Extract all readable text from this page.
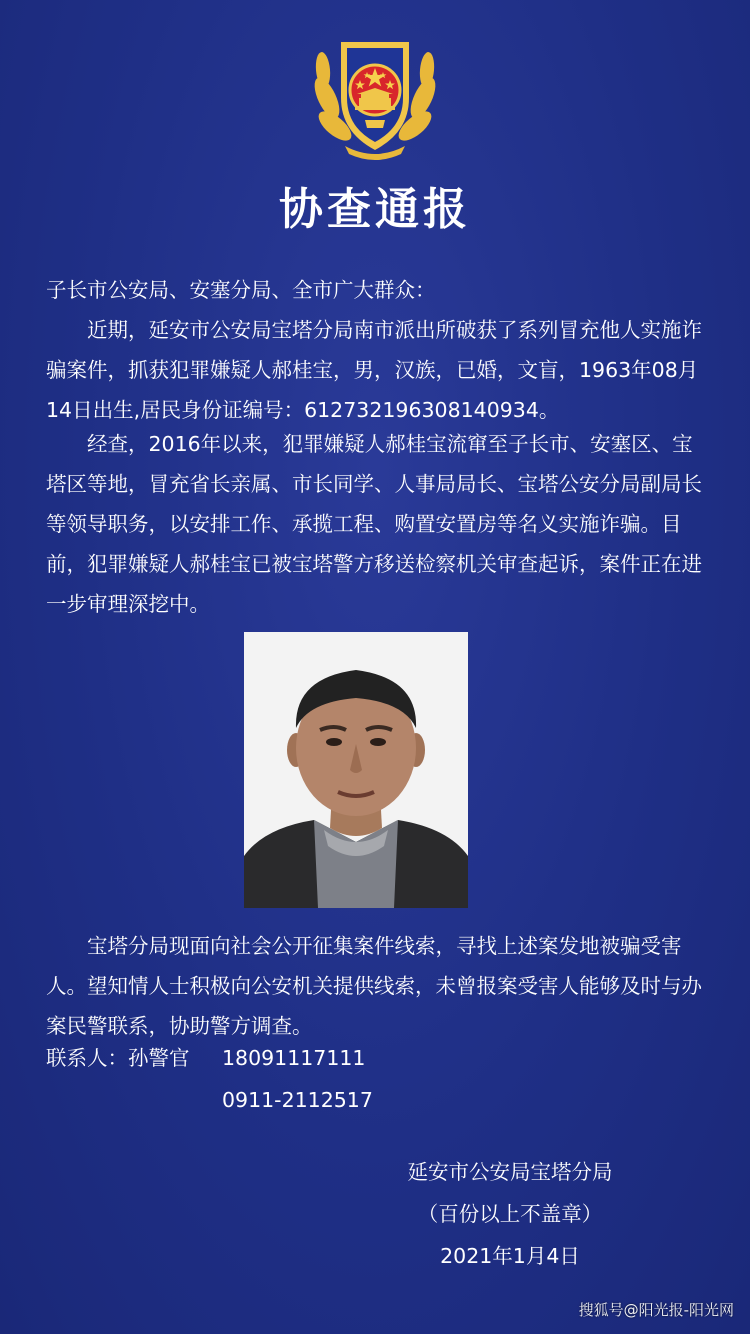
协查通报
子长市公安局、安塞分局、全市广大群众：
近期，延安市公安局宝塔分局南市派出所破获了系列冒充他人实施诈骗案件，抓获犯罪嫌疑人郝桂宝，男，汉族，已婚，文盲，1963年08月14日出生,居民身份证编号：612732196308140934。
经查，2016年以来，犯罪嫌疑人郝桂宝流窜至子长市、安塞区、宝塔区等地，冒充省长亲属、市长同学、人事局局长、宝塔公安分局副局长等领导职务，以安排工作、承揽工程、购置安置房等名义实施诈骗。目前，犯罪嫌疑人郝桂宝已被宝塔警方移送检察机关审查起诉，案件正在进一步审理深挖中。
宝塔分局现面向社会公开征集案件线索，寻找上述案发地被骗受害人。望知情人士积极向公安机关提供线索，未曾报案受害人能够及时与办案民警联系，协助警方调查。
联系人：孙警官 18091117111
0911-2112517
延安市公安局宝塔分局
（百份以上不盖章）
2021年1月4日
搜狐号@阳光报-阳光网
